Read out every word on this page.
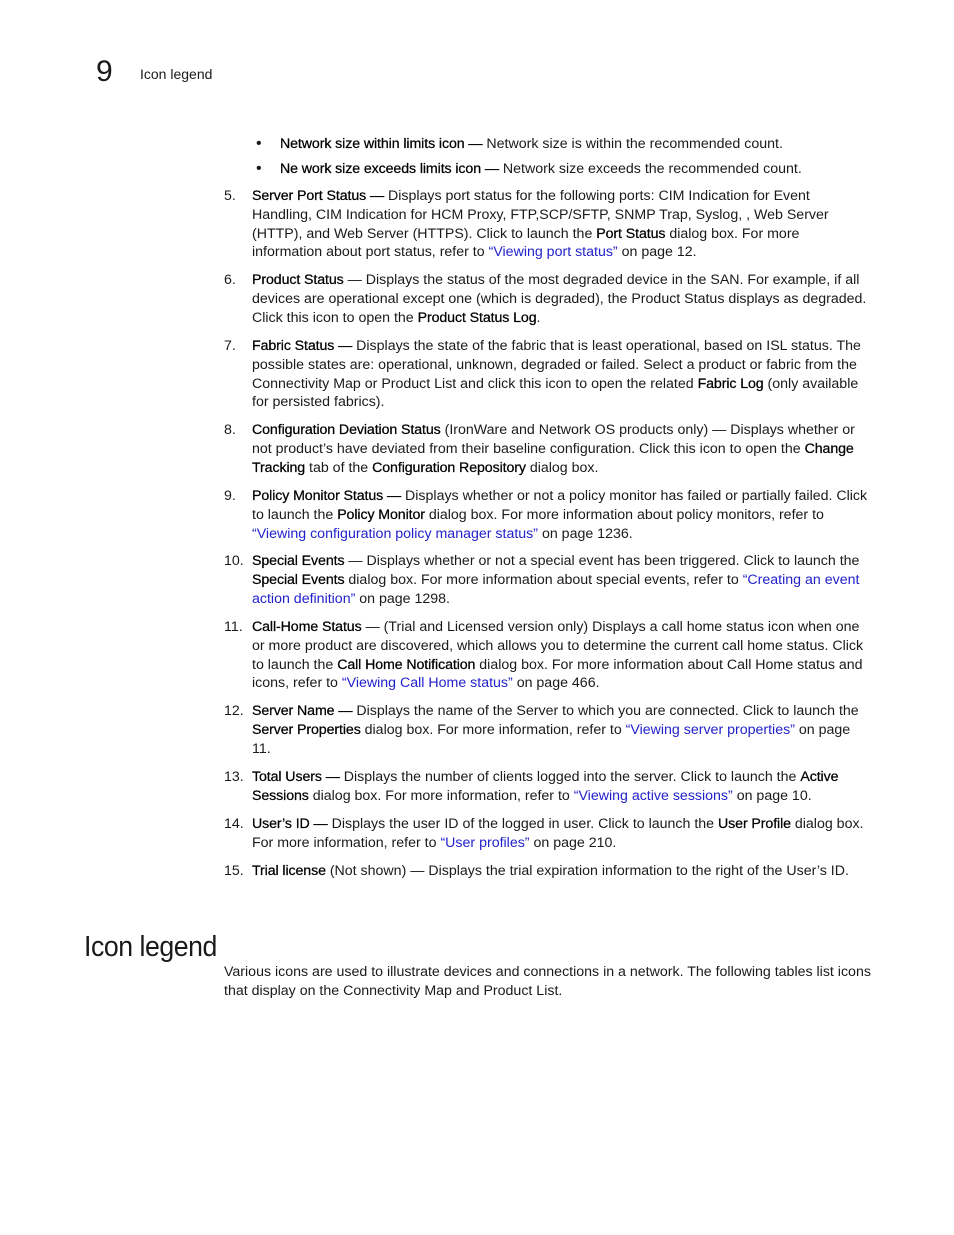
9 Icon legend
• Network size within limits icon — Network size is within the recommended count.
• Ne work size exceeds limits icon — Network size exceeds the recommended count.
5. Server Port Status — Displays port status for the following ports: CIM Indication for Event Handling, CIM Indication for HCM Proxy, FTP,SCP/SFTP, SNMP Trap, Syslog, , Web Server (HTTP), and Web Server (HTTPS). Click to launch the Port Status dialog box. For more information about port status, refer to “Viewing port status” on page 12.
6. Product Status — Displays the status of the most degraded device in the SAN. For example, if all devices are operational except one (which is degraded), the Product Status displays as degraded. Click this icon to open the Product Status Log.
7. Fabric Status — Displays the state of the fabric that is least operational, based on ISL status. The possible states are: operational, unknown, degraded or failed. Select a product or fabric from the Connectivity Map or Product List and click this icon to open the related Fabric Log (only available for persisted fabrics).
8. Configuration Deviation Status (IronWare and Network OS products only) — Displays whether or not product’s have deviated from their baseline configuration. Click this icon to open the Change Tracking tab of the Configuration Repository dialog box.
9. Policy Monitor Status — Displays whether or not a policy monitor has failed or partially failed. Click to launch the Policy Monitor dialog box. For more information about policy monitors, refer to “Viewing configuration policy manager status” on page 1236.
10. Special Events — Displays whether or not a special event has been triggered. Click to launch the Special Events dialog box. For more information about special events, refer to “Creating an event action definition” on page 1298.
11. Call-Home Status — (Trial and Licensed version only) Displays a call home status icon when one or more product are discovered, which allows you to determine the current call home status. Click to launch the Call Home Notification dialog box. For more information about Call Home status and icons, refer to “Viewing Call Home status” on page 466.
12. Server Name — Displays the name of the Server to which you are connected. Click to launch the Server Properties dialog box. For more information, refer to “Viewing server properties” on page 11.
13. Total Users — Displays the number of clients logged into the server. Click to launch the Active Sessions dialog box. For more information, refer to “Viewing active sessions” on page 10.
14. User’s ID — Displays the user ID of the logged in user. Click to launch the User Profile dialog box. For more information, refer to “User profiles” on page 210.
15. Trial license (Not shown) — Displays the trial expiration information to the right of the User’s ID.
Icon legend

Various icons are used to illustrate devices and connections in a network. The following tables list icons that display on the Connectivity Map and Product List.
